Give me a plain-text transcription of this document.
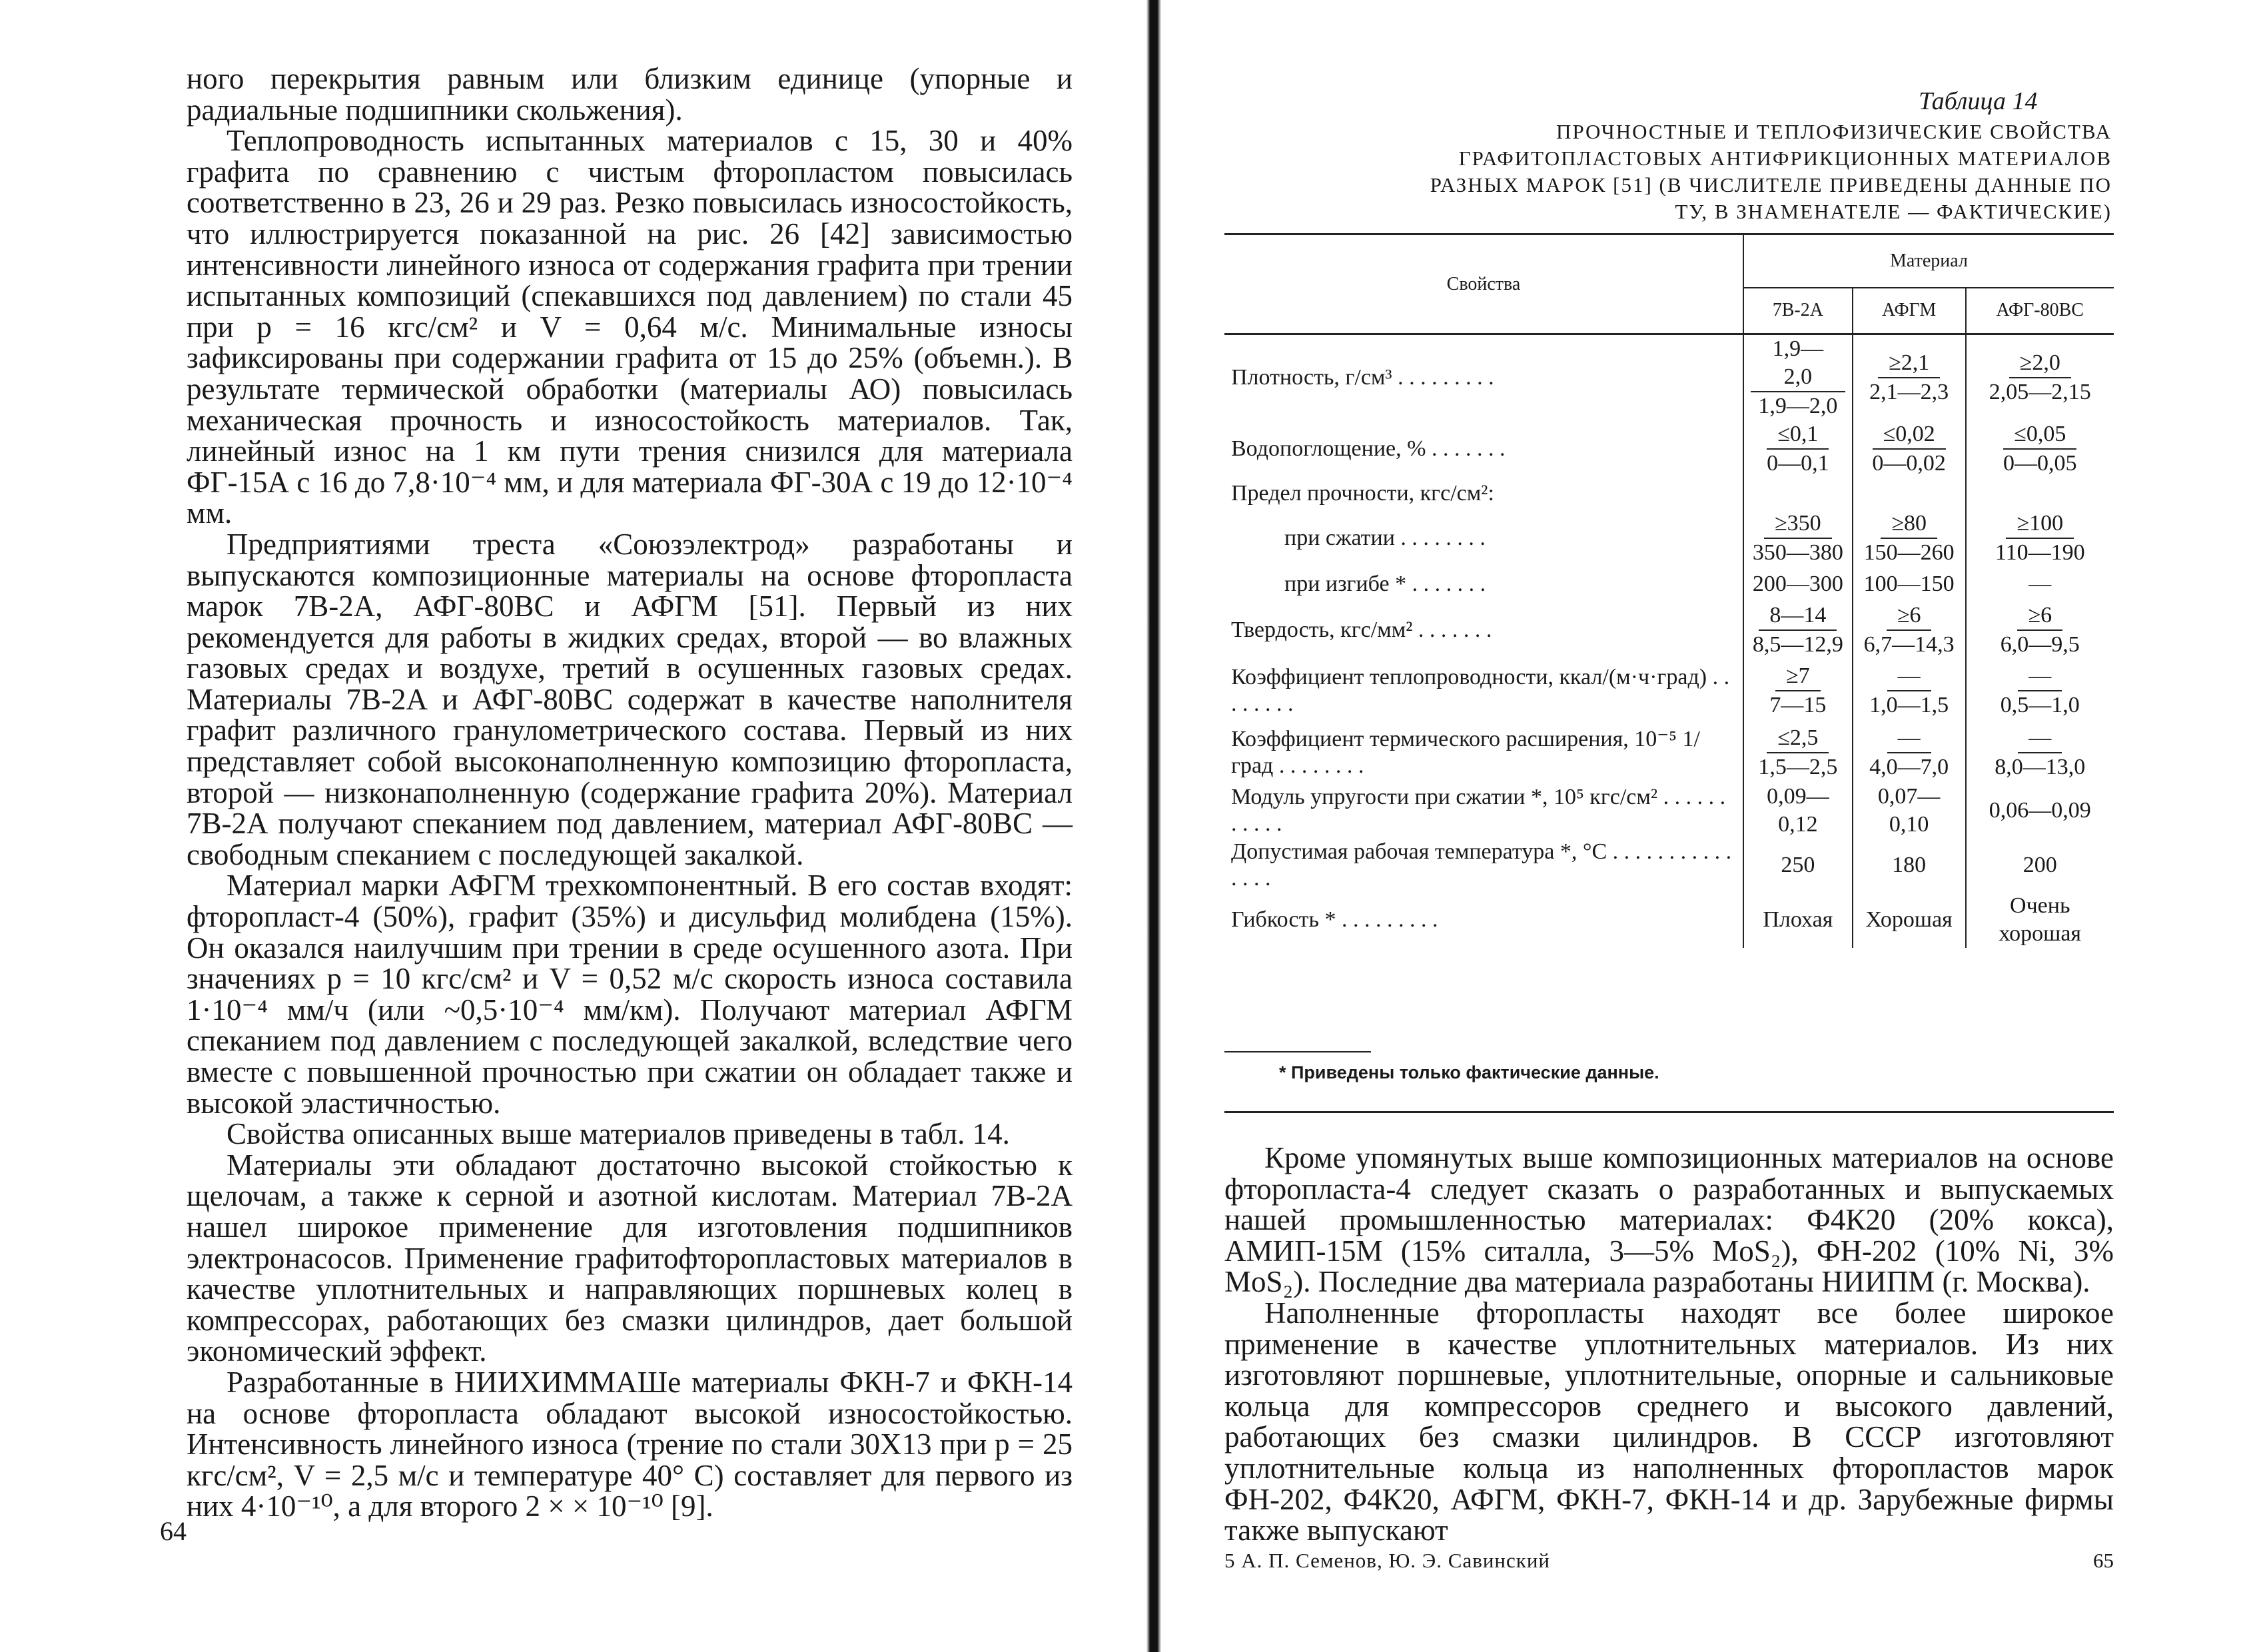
ного перекрытия равным или близким единице (упорные и радиальные подшипники скольжения).

Теплопроводность испытанных материалов с 15, 30 и 40% графита по сравнению с чистым фторопластом повысилась соответственно в 23, 26 и 29 раз. Резко повысилась износостойкость, что иллюстрируется показанной на рис. 26 [42] зависимостью интенсивности линейного износа от содержания графита при трении испытанных композиций (спекавшихся под давлением) по стали 45 при p = 16 кгс/см² и V = 0,64 м/с. Минимальные износы зафиксированы при содержании графита от 15 до 25% (объемн.). В результате термической обработки (материалы АО) повысилась механическая прочность и износостойкость материалов. Так, линейный износ на 1 км пути трения снизился для материала ФГ-15А с 16 до 7,8·10⁻⁴ мм, и для материала ФГ-30А с 19 до 12·10⁻⁴ мм.

Предприятиями треста «Союзэлектрод» разработаны и выпускаются композиционные материалы на основе фторопласта марок 7В-2А, АФГ-80ВС и АФГМ [51]. Первый из них рекомендуется для работы в жидких средах, второй — во влажных газовых средах и воздухе, третий в осушенных газовых средах. Материалы 7В-2А и АФГ-80ВС содержат в качестве наполнителя графит различного гранулометрического состава. Первый из них представляет собой высоконаполненную композицию фторопласта, второй — низконаполненную (содержание графита 20%). Материал 7В-2А получают спеканием под давлением, материал АФГ-80ВС — свободным спеканием с последующей закалкой.

Материал марки АФГМ трехкомпонентный. В его состав входят: фторопласт-4 (50%), графит (35%) и дисульфид молибдена (15%). Он оказался наилучшим при трении в среде осушенного азота. При значениях p = 10 кгс/см² и V = 0,52 м/с скорость износа составила 1·10⁻⁴ мм/ч (или ~0,5·10⁻⁴ мм/км). Получают материал АФГМ спеканием под давлением с последующей закалкой, вследствие чего вместе с повышенной прочностью при сжатии он обладает также и высокой эластичностью.

Свойства описанных выше материалов приведены в табл. 14.

Материалы эти обладают достаточно высокой стойкостью к щелочам, а также к серной и азотной кислотам. Материал 7В-2А нашел широкое применение для изготовления подшипников электронасосов. Применение графитофторопластовых материалов в качестве уплотнительных и направляющих поршневых колец в компрессорах, работающих без смазки цилиндров, дает большой экономический эффект.

Разработанные в НИИХИММАШе материалы ФКН-7 и ФКН-14 на основе фторопласта обладают высокой износостойкостью. Интенсивность линейного износа (трение по стали 30Х13 при p = 25 кгс/см², V = 2,5 м/с и температуре 40° С) составляет для первого из них 4·10⁻¹⁰, а для второго 2 × × 10⁻¹⁰ [9].

64
Таблица 14
ПРОЧНОСТНЫЕ И ТЕПЛОФИЗИЧЕСКИЕ СВОЙСТВА ГРАФИТОПЛАСТОВЫХ АНТИФРИКЦИОННЫХ МАТЕРИАЛОВ РАЗНЫХ МАРОК [51] (В ЧИСЛИТЕЛЕ ПРИВЕДЕНЫ ДАННЫЕ ПО ТУ, В ЗНАМЕНАТЕЛЕ — ФАКТИЧЕСКИЕ)
Свойства	Материал		
	7В-2А	АФГМ	АФГ-80ВС
Плотность, г/см³ . . . . . . . . .	$\frac{1,9—2,0}{1,9—2,0}$	$\frac{\ge 2,1}{2,1—2,3}$	$\frac{\ge 2,0}{2,05—2,15}$

Водопоглощение, % . . . . . . .	$\frac{\le 0,1}{0—0,1}$	$\frac{\le 0,02}{0—0,02}$	$\frac{\le 0,05}{0—0,05}$

Предел прочности, кгс/см²:			
при сжатии . . . . . . . .	$\frac{\ge 350}{350—380}$	$\frac{\ge 80}{150—260}$	$\frac{\ge 100}{110—190}$

при изгибе * . . . . . . .	200—300	100—150	—
Твердость, кгс/мм² . . . . . . .	$\frac{8—14}{8,5—12,9}$	$\frac{\ge 6}{6,7—14,3}$	$\frac{\ge 6}{6,0—9,5}$

Коэффициент теплопроводности, ккал/(м·ч·град) . . . . . . . .	$\frac{\ge 7}{7—15}$	$\frac{—}{1,0—1,5}$	$\frac{—}{0,5—1,0}$

Коэффициент термического расширения, 10⁻⁵ 1/град . . . . . . . .	$\frac{\le 2,5}{1,5—2,5}$	$\frac{—}{4,0—7,0}$	$\frac{—}{8,0—13,0}$

Модуль упругости при сжатии *, 10⁵ кгс/см² . . . . . . . . . . .	0,09—0,12	0,07—0,10	0,06—0,09
Допустимая рабочая температура *, °С . . . . . . . . . . . . . . .	250	180	200
Гибкость * . . . . . . . . .	Плохая	Хорошая	Очень хорошая
* Приведены только фактические данные.

Кроме упомянутых выше композиционных материалов на основе фторопласта-4 следует сказать о разработанных и выпускаемых нашей промышленностью материалах: Ф4К20 (20% кокса), АМИП-15М (15% ситалла, 3—5% MoS₂), ФН-202 (10% Ni, 3% MoS₂). Последние два материала разработаны НИИПМ (г. Москва).

Наполненные фторопласты находят все более широкое применение в качестве уплотнительных материалов. Из них изготовляют поршневые, уплотнительные, опорные и сальниковые кольца для компрессоров среднего и высокого давлений, работающих без смазки цилиндров. В СССР изготовляют уплотнительные кольца из наполненных фторопластов марок ФН-202, Ф4К20, АФГМ, ФКН-7, ФКН-14 и др. Зарубежные фирмы также выпускают

5 А. П. Семенов, Ю. Э. Савинский	65
